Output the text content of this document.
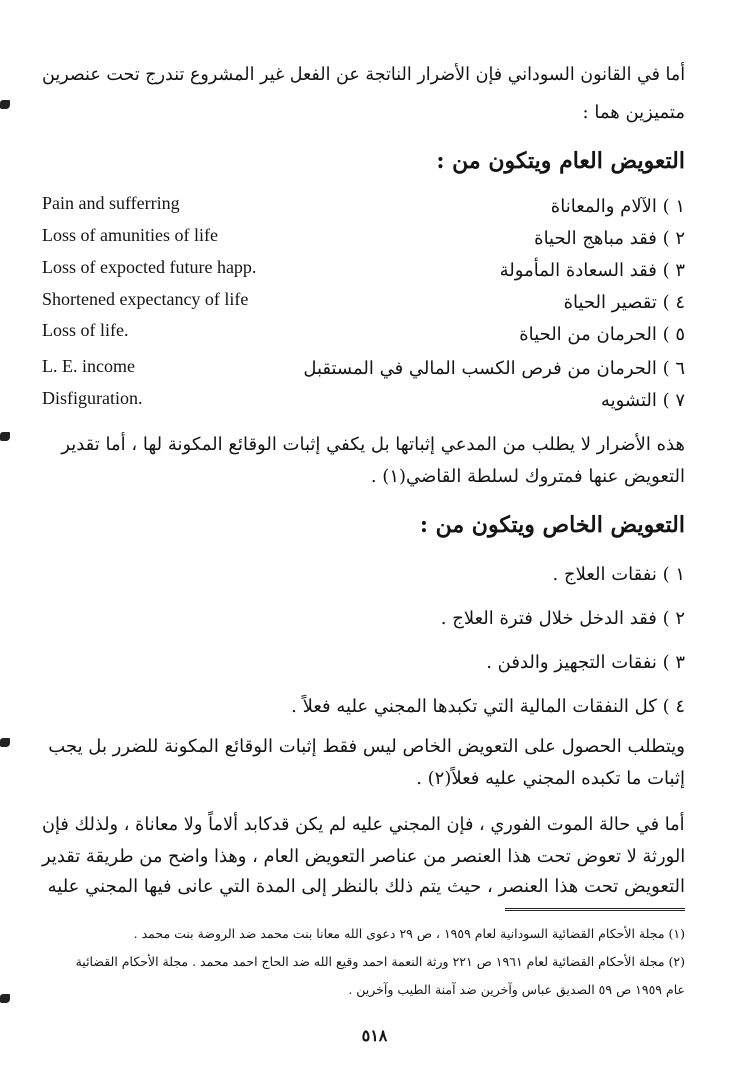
أما في القانون السوداني فإن الأضرار الناتجة عن الفعل غير المشروع تندرج تحت عنصرين
متميزين هما :
التعويض العام ويتكون من :
١ ) الآلام والمعاناة
٢ ) فقد مباهج الحياة
٣ ) فقد السعادة المأمولة
٤ ) تقصير الحياة
٥ ) الحرمان من الحياة
٦ ) الحرمان من فرص الكسب المالي في المستقبل
٧ ) التشويه
Pain and sufferring
Loss of amunities of life
Loss of expocted future happ.
Shortened expectancy of life
Loss of life.
L. E. income
Disfiguration.
هذه الأضرار لا يطلب من المدعي إثباتها بل يكفي إثبات الوقائع المكونة لها ، أما تقدير
التعويض عنها فمتروك لسلطة القاضي(١) .
التعويض الخاص ويتكون من :
١ ) نفقات العلاج .
٢ ) فقد الدخل خلال فترة العلاج .
٣ ) نفقات التجهيز والدفن .
٤ ) كل النفقات المالية التي تكبدها المجني عليه فعلاً .
ويتطلب الحصول على التعويض الخاص ليس فقط إثبات الوقائع المكونة للضرر بل يجب
إثبات ما تكبده المجني عليه فعلاً(٢) .
أما في حالة الموت الفوري ، فإن المجني عليه لم يكن قدكابد ألاماً ولا معاناة ، ولذلك فإن
الورثة لا تعوض تحت هذا العنصر من عناصر التعويض العام ، وهذا واضح من طريقة تقدير
التعويض تحت هذا العنصر ، حيث يتم ذلك بالنظر إلى المدة التي عانى فيها المجني عليه
(١) مجلة الأحكام القضائية السودانية لعام ١٩٥٩ ، ص ٢٩ دعوى الله معانا بنت محمد ضد الروضة بنت محمد .
(٢) مجلة الأحكام القضائية لعام ١٩٦١ ص ٢٢١ ورثة النعمة احمد وقيع الله ضد الحاج احمد محمد . مجلة الأحكام القضائية
عام ١٩٥٩ ص ٥٩ الصديق عباس وآخرين ضد آمنة الطيب وآخرين .
٥١٨
